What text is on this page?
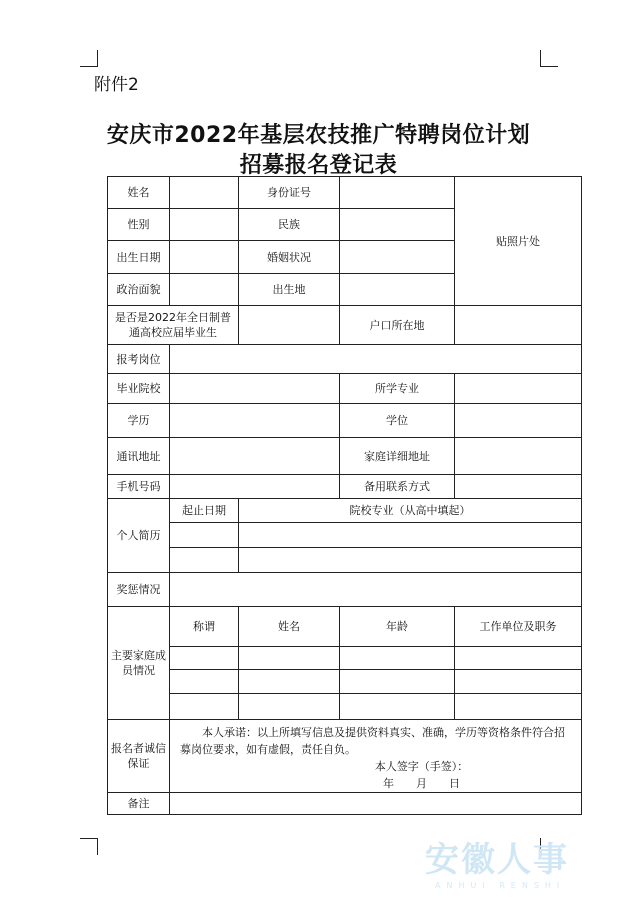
附件2
安庆市2022年基层农技推广特聘岗位计划
招募报名登记表
姓名		身份证号		贴照片处
性别		民族		
出生日期		婚姻状况		
政治面貌		出生地		
是否是2022年全日制普通高校应届毕业生			户口所在地	
报考岗位				
毕业院校			所学专业	
学历			学位	
通讯地址			家庭详细地址	
手机号码			备用联系方式	
个人简历	起止日期	院校专业（从高中填起）		

奖惩情况				
主要家庭成员情况	称谓	姓名	年龄	工作单位及职务

报名者诚信保证	本人承诺：以上所填写信息及提供资料真实、准确，学历等资格条件符合招募岗位要求，如有虚假，责任自负。

本人签字（手签）：

年　　月　　日			

备注				
安徽人事
ANHUI RENSHI
